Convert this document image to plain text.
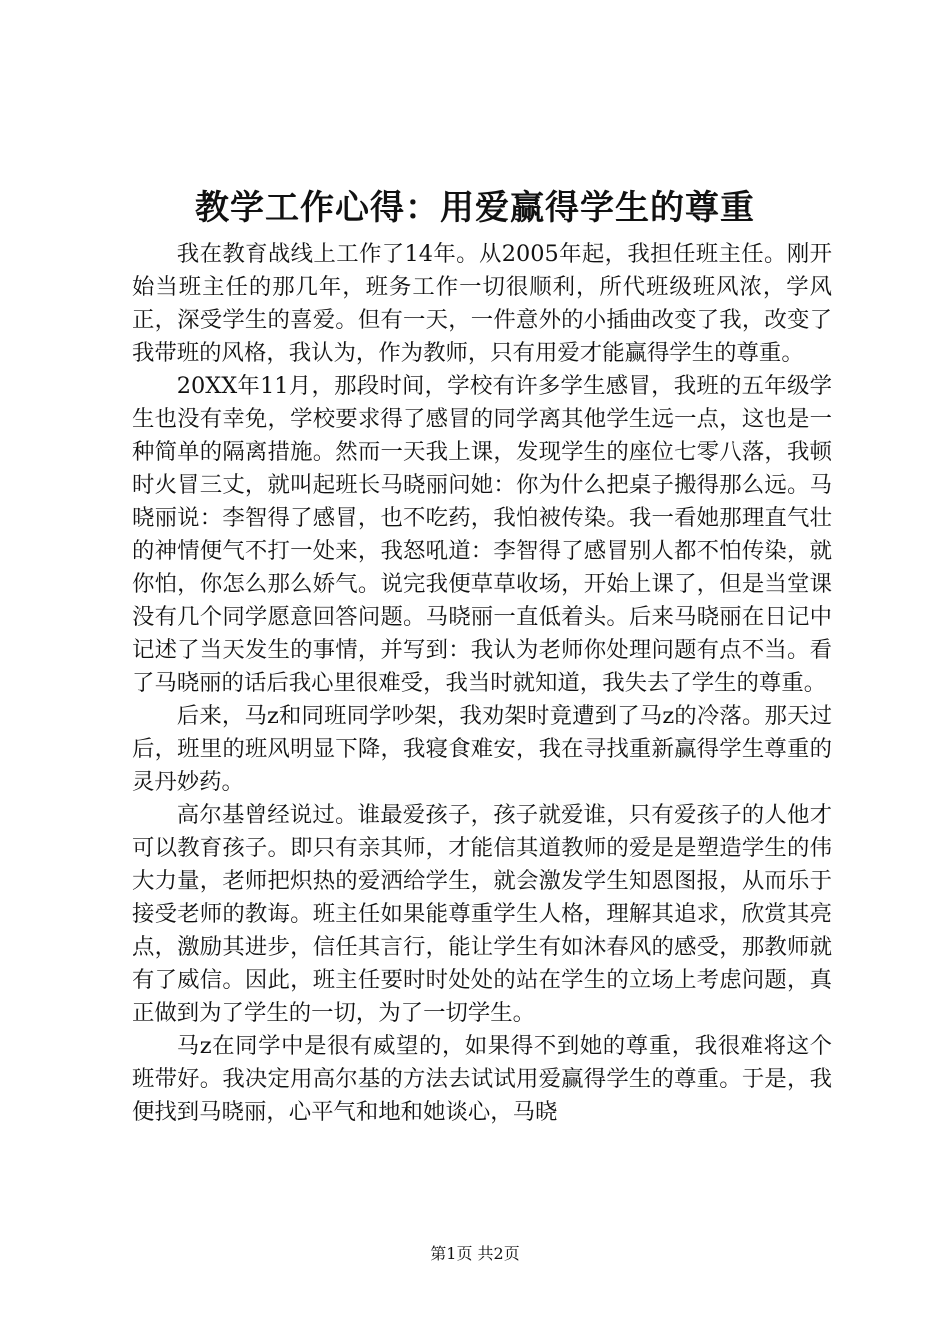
教学工作心得：用爱赢得学生的尊重

我在教育战线上工作了14年。从2005年起，我担任班主任。刚开始当班主任的那几年，班务工作一切很顺利，所代班级班风浓，学风正，深受学生的喜爱。但有一天，一件意外的小插曲改变了我，改变了我带班的风格，我认为，作为教师，只有用爱才能赢得学生的尊重。

20XX年11月，那段时间，学校有许多学生感冒，我班的五年级学生也没有幸免，学校要求得了感冒的同学离其他学生远一点，这也是一种简单的隔离措施。然而一天我上课，发现学生的座位七零八落，我顿时火冒三丈，就叫起班长马晓丽问她：你为什么把桌子搬得那么远。马晓丽说：李智得了感冒，也不吃药，我怕被传染。我一看她那理直气壮的神情便气不打一处来，我怒吼道：李智得了感冒别人都不怕传染，就你怕，你怎么那么娇气。说完我便草草收场，开始上课了，但是当堂课没有几个同学愿意回答问题。马晓丽一直低着头。后来马晓丽在日记中记述了当天发生的事情，并写到：我认为老师你处理问题有点不当。看了马晓丽的话后我心里很难受，我当时就知道，我失去了学生的尊重。

后来，马z和同班同学吵架，我劝架时竟遭到了马z的冷落。那天过后，班里的班风明显下降，我寝食难安，我在寻找重新赢得学生尊重的灵丹妙药。

高尔基曾经说过。谁最爱孩子，孩子就爱谁，只有爱孩子的人他才可以教育孩子。即只有亲其师，才能信其道教师的爱是是塑造学生的伟大力量，老师把炽热的爱洒给学生，就会激发学生知恩图报，从而乐于接受老师的教诲。班主任如果能尊重学生人格，理解其追求，欣赏其亮点，激励其进步，信任其言行，能让学生有如沐春风的感受，那教师就有了威信。因此，班主任要时时处处的站在学生的立场上考虑问题，真正做到为了学生的一切，为了一切学生。

马z在同学中是很有威望的，如果得不到她的尊重，我很难将这个班带好。我决定用高尔基的方法去试试用爱赢得学生的尊重。于是，我便找到马晓丽，心平气和地和她谈心，马晓

第1页 共2页
